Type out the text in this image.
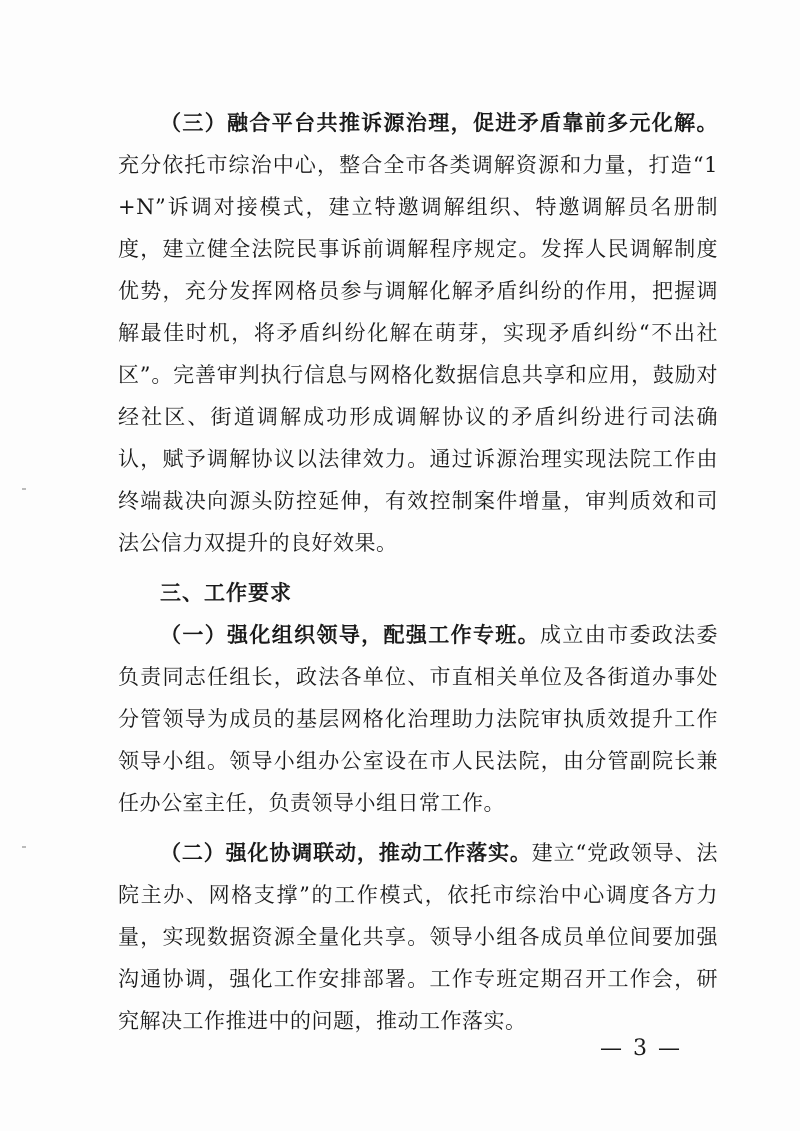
（三）融合平台共推诉源治理，促进矛盾靠前多元化解。充分依托市综治中心，整合全市各类调解资源和力量，打造“1+N”诉调对接模式，建立特邀调解组织、特邀调解员名册制度，建立健全法院民事诉前调解程序规定。发挥人民调解制度优势，充分发挥网格员参与调解化解矛盾纠纷的作用，把握调解最佳时机，将矛盾纠纷化解在萌芽，实现矛盾纠纷“不出社区”。完善审判执行信息与网格化数据信息共享和应用，鼓励对经社区、街道调解成功形成调解协议的矛盾纠纷进行司法确认，赋予调解协议以法律效力。通过诉源治理实现法院工作由终端裁决向源头防控延伸，有效控制案件增量，审判质效和司法公信力双提升的良好效果。

三、工作要求

（一）强化组织领导，配强工作专班。成立由市委政法委负责同志任组长，政法各单位、市直相关单位及各街道办事处分管领导为成员的基层网格化治理助力法院审执质效提升工作领导小组。领导小组办公室设在市人民法院，由分管副院长兼任办公室主任，负责领导小组日常工作。

（二）强化协调联动，推动工作落实。建立“党政领导、法院主办、网格支撑”的工作模式，依托市综治中心调度各方力量，实现数据资源全量化共享。领导小组各成员单位间要加强沟通协调，强化工作安排部署。工作专班定期召开工作会，研究解决工作推进中的问题，推动工作落实。

— 3 —
